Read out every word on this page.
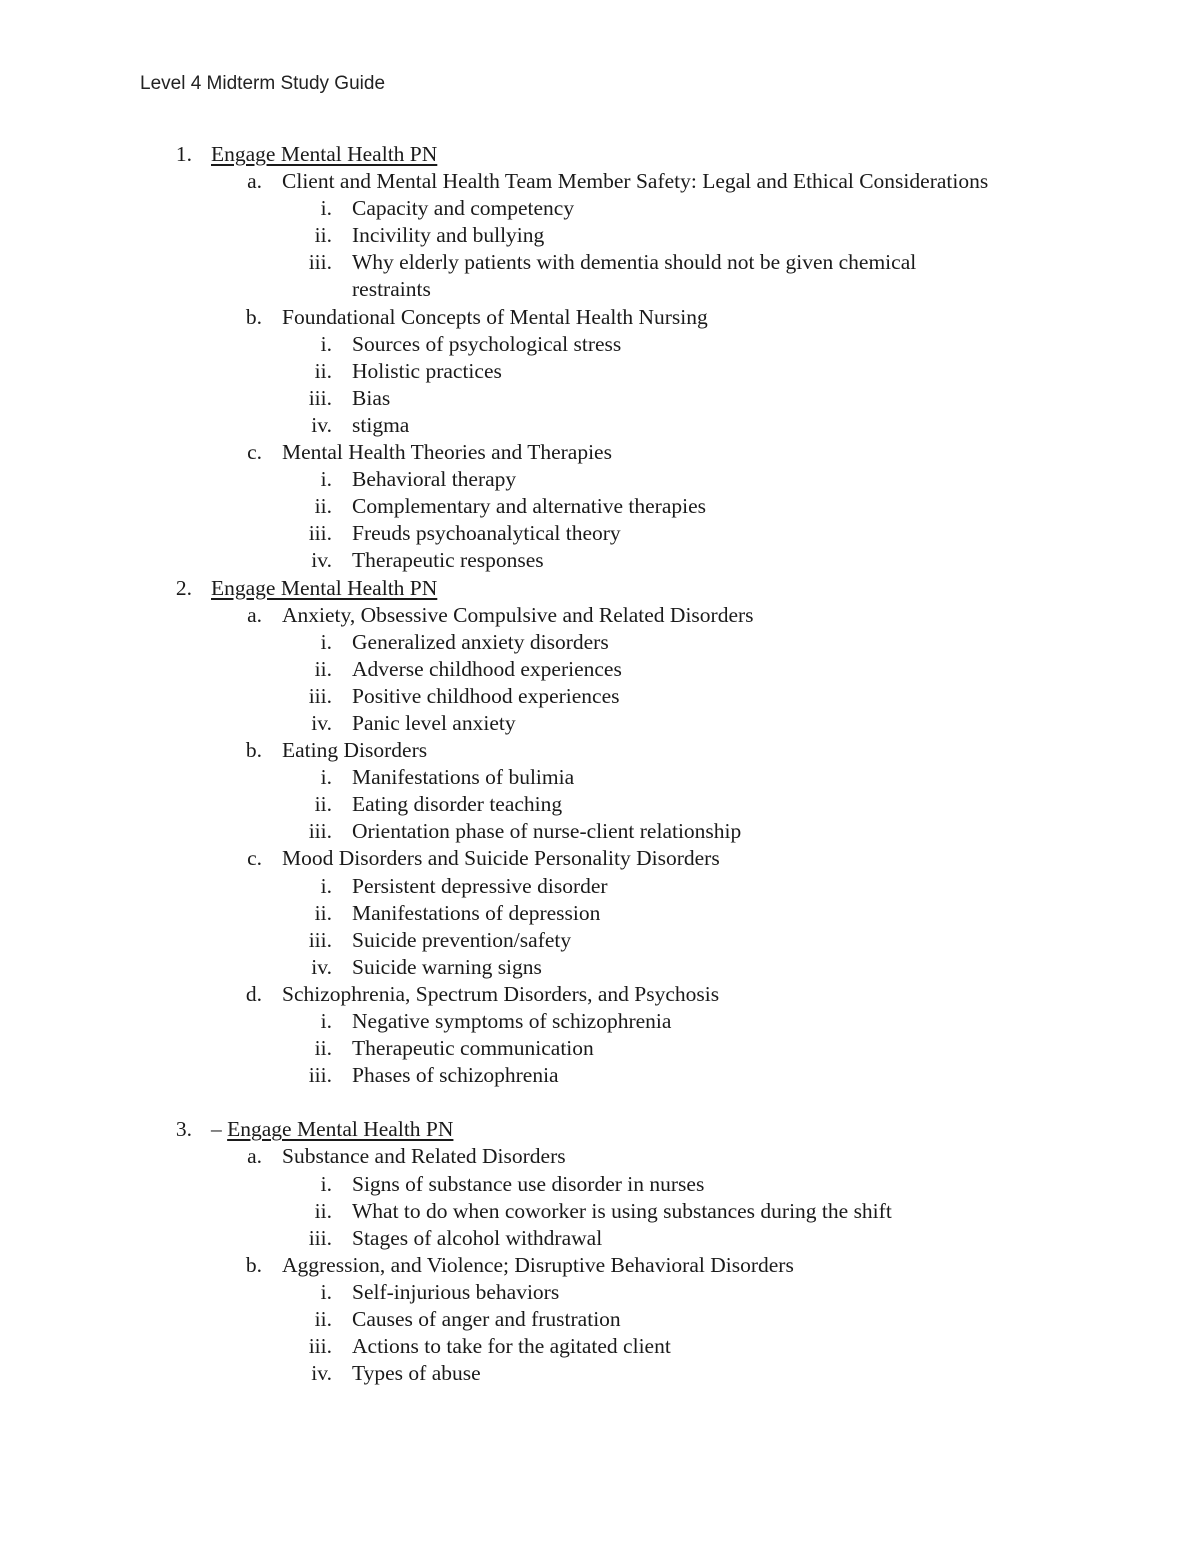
Level 4 Midterm Study Guide
1. Engage Mental Health PN
a. Client and Mental Health Team Member Safety: Legal and Ethical Considerations
i. Capacity and competency
ii. Incivility and bullying
iii. Why elderly patients with dementia should not be given chemical
restraints
b. Foundational Concepts of Mental Health Nursing
i. Sources of psychological stress
ii. Holistic practices
iii. Bias
iv. stigma
c. Mental Health Theories and Therapies
i. Behavioral therapy
ii. Complementary and alternative therapies
iii. Freuds psychoanalytical theory
iv. Therapeutic responses
2. Engage Mental Health PN
a. Anxiety, Obsessive Compulsive and Related Disorders
i. Generalized anxiety disorders
ii. Adverse childhood experiences
iii. Positive childhood experiences
iv. Panic level anxiety
b. Eating Disorders
i. Manifestations of bulimia
ii. Eating disorder teaching
iii. Orientation phase of nurse-client relationship
c. Mood Disorders and Suicide Personality Disorders
i. Persistent depressive disorder
ii. Manifestations of depression
iii. Suicide prevention/safety
iv. Suicide warning signs
d. Schizophrenia, Spectrum Disorders, and Psychosis
i. Negative symptoms of schizophrenia
ii. Therapeutic communication
iii. Phases of schizophrenia
3. – Engage Mental Health PN
a. Substance and Related Disorders
i. Signs of substance use disorder in nurses
ii. What to do when coworker is using substances during the shift
iii. Stages of alcohol withdrawal
b. Aggression, and Violence; Disruptive Behavioral Disorders
i. Self-injurious behaviors
ii. Causes of anger and frustration
iii. Actions to take for the agitated client
iv. Types of abuse
